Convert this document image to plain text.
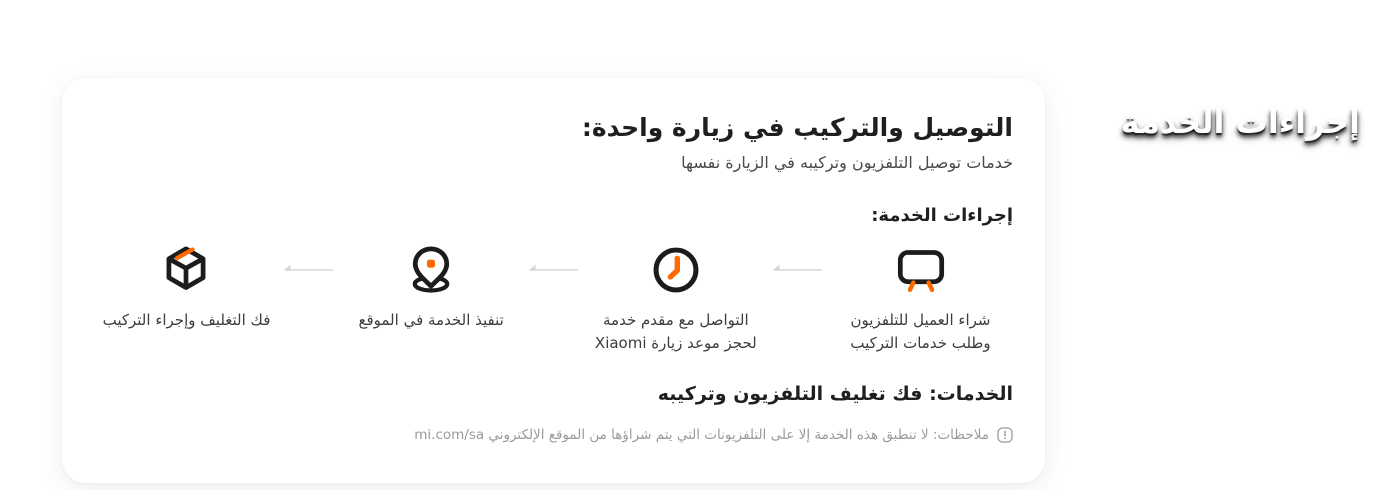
إجراءات الخدمة
التوصيل والتركيب في زيارة واحدة:
خدمات توصيل التلفزيون وتركيبه في الزيارة نفسها
إجراءات الخدمة:
شراء العميل للتلفزيون
وطلب خدمات التركيب
التواصل مع مقدم خدمة
لحجز موعد زيارة Xiaomi
تنفيذ الخدمة في الموقع
فك التغليف وإجراء التركيب
الخدمات: فك تغليف التلفزيون وتركيبه
ملاحظات: لا تنطبق هذه الخدمة إلا على التلفزيونات التي يتم شراؤها من الموقع الإلكتروني mi.com/sa
